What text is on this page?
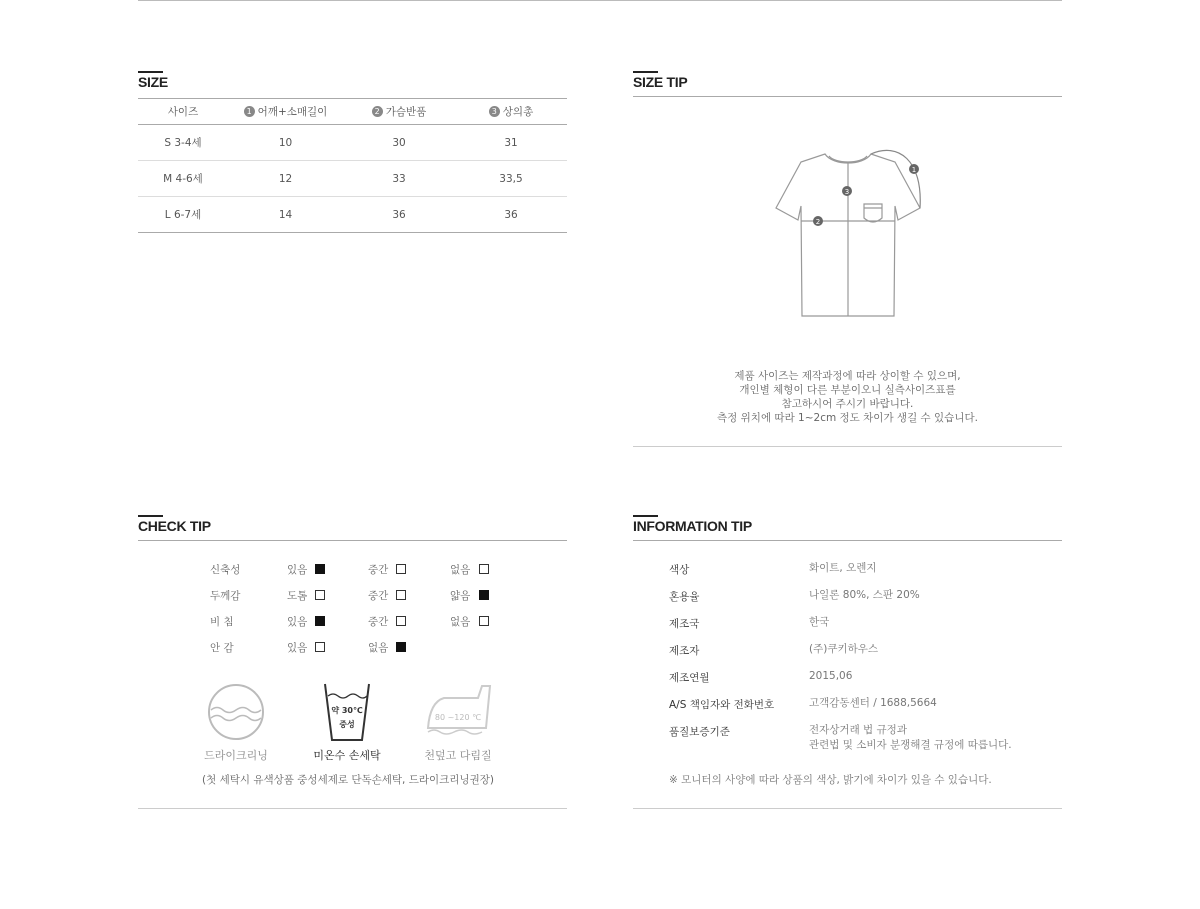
SIZE
사이즈	1 어깨+소매길이	2 가슴반품	3 상의총
S 3-4세	10	30	31
M 4-6세	12	33	33,5
L 6-7세	14	36	36
SIZE TIP
1
2
3
제품 사이즈는 제작과정에 따라 상이할 수 있으며,
개인별 체형이 다른 부분이오니 실측사이즈표를
참고하시어 주시기 바랍니다.
측정 위치에 따라 1~2cm 정도 차이가 생길 수 있습니다.
CHECK TIP
신축성	있음	중간	없음
두께감	도톰	중간	얇음
비 침	있음	중간	없음
안 감	있음	없음
약 30℃
중성
80 ~120 ℃
드라이크리닝	미온수 손세탁	천덮고 다림질
(첫 세탁시 유색상품 중성세제로 단독손세탁, 드라이크리닝권장)
INFORMATION TIP
색상	화이트, 오렌지
혼용율	나일론 80%, 스판 20%
제조국	한국
제조자	(주)쿠키하우스
제조연월	2015,06
A/S 책임자와 전화번호	고객감동센터 / 1688,5664
품질보증기준	전자상거래 법 규정과
관련법 및 소비자 분쟁해결 규정에 따릅니다.
※ 모니터의 사양에 따라 상품의 색상, 밝기에 차이가 있을 수 있습니다.
